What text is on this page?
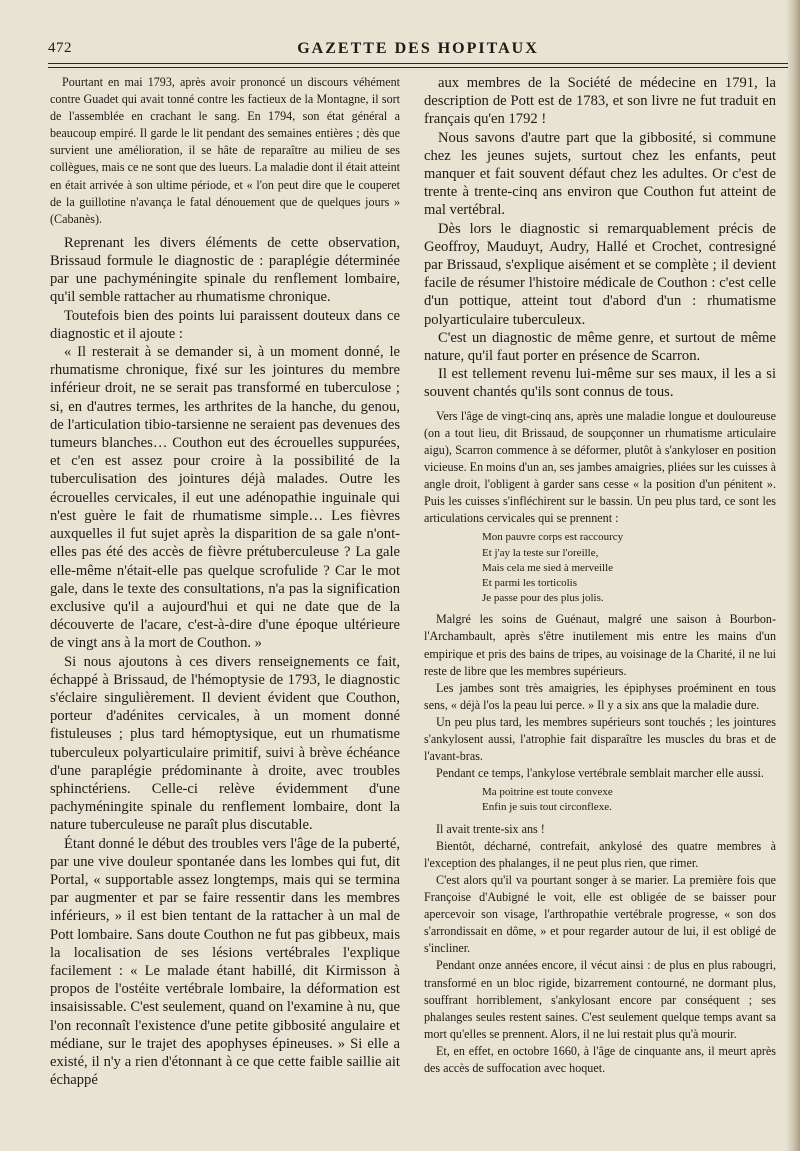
472	GAZETTE DES HOPITAUX

Pourtant en mai 1793, après avoir prononcé un discours véhément contre Guadet qui avait tonné contre les factieux de la Montagne, il sort de l'assemblée en crachant le sang. En 1794, son état général a beaucoup empiré. Il garde le lit pendant des semaines entières ; dès que survient une amélioration, il se hâte de reparaître au milieu de ses collègues, mais ce ne sont que des lueurs. La maladie dont il était atteint en était arrivée à son ultime période, et « l'on peut dire que le couperet de la guillotine n'avança le fatal dénouement que de quelques jours » (Cabanès).

Reprenant les divers éléments de cette observation, Brissaud formule le diagnostic de : paraplégie déterminée par une pachyméningite spinale du renflement lombaire, qu'il semble rattacher au rhumatisme chronique.

Toutefois bien des points lui paraissent douteux dans ce diagnostic et il ajoute :

« Il resterait à se demander si, à un moment donné, le rhumatisme chronique, fixé sur les jointures du membre inférieur droit, ne se serait pas transformé en tuberculose ; si, en d'autres termes, les arthrites de la hanche, du genou, de l'articulation tibio-tarsienne ne seraient pas devenues des tumeurs blanches… Couthon eut des écrouelles suppurées, et c'en est assez pour croire à la possibilité de la tuberculisation des jointures déjà malades. Outre les écrouelles cervicales, il eut une adénopathie inguinale qui n'est guère le fait de rhumatisme simple… Les fièvres auxquelles il fut sujet après la disparition de sa gale n'ont-elles pas été des accès de fièvre prétuberculeuse ? La gale elle-même n'était-elle pas quelque scrofulide ? Car le mot gale, dans le texte des consultations, n'a pas la signification exclusive qu'il a aujourd'hui et qui ne date que de la découverte de l'acare, c'est-à-dire d'une époque ultérieure de vingt ans à la mort de Couthon. »

Si nous ajoutons à ces divers renseignements ce fait, échappé à Brissaud, de l'hémoptysie de 1793, le diagnostic s'éclaire singulièrement. Il devient évident que Couthon, porteur d'adénites cervicales, à un moment donné fistuleuses ; plus tard hémoptysique, eut un rhumatisme tuberculeux polyarticulaire primitif, suivi à brève échéance d'une paraplégie prédominante à droite, avec troubles sphinctériens. Celle-ci relève évidemment d'une pachyméningite spinale du renflement lombaire, dont la nature tuberculeuse ne paraît plus discutable.

Étant donné le début des troubles vers l'âge de la puberté, par une vive douleur spontanée dans les lombes qui fut, dit Portal, « supportable assez longtemps, mais qui se termina par augmenter et par se faire ressentir dans les membres inférieurs, » il est bien tentant de la rattacher à un mal de Pott lombaire. Sans doute Couthon ne fut pas gibbeux, mais la localisation de ses lésions vertébrales l'explique facilement : « Le malade étant habillé, dit Kirmisson à propos de l'ostéite vertébrale lombaire, la déformation est insaisissable. C'est seulement, quand on l'examine à nu, que l'on reconnaît l'existence d'une petite gibbosité angulaire et médiane, sur le trajet des apophyses épineuses. » Si elle a existé, il n'y a rien d'étonnant à ce que cette faible saillie ait échappé

aux membres de la Société de médecine en 1791, la description de Pott est de 1783, et son livre ne fut traduit en français qu'en 1792 !

Nous savons d'autre part que la gibbosité, si commune chez les jeunes sujets, surtout chez les enfants, peut manquer et fait souvent défaut chez les adultes. Or c'est de trente à trente-cinq ans environ que Couthon fut atteint de mal vertébral.

Dès lors le diagnostic si remarquablement précis de Geoffroy, Mauduyt, Audry, Hallé et Crochet, contresigné par Brissaud, s'explique aisément et se complète ; il devient facile de résumer l'histoire médicale de Couthon : c'est celle d'un pottique, atteint tout d'abord d'un : rhumatisme polyarticulaire tuberculeux.

C'est un diagnostic de même genre, et surtout de même nature, qu'il faut porter en présence de Scarron.

Il est tellement revenu lui-même sur ses maux, il les a si souvent chantés qu'ils sont connus de tous.

Vers l'âge de vingt-cinq ans, après une maladie longue et douloureuse (on a tout lieu, dit Brissaud, de soupçonner un rhumatisme articulaire aigu), Scarron commence à se déformer, plutôt à s'ankyloser en position vicieuse. En moins d'un an, ses jambes amaigries, pliées sur les cuisses à angle droit, l'obligent à garder sans cesse « la position d'un pénitent ». Puis les cuisses s'infléchirent sur le bassin. Un peu plus tard, ce sont les articulations cervicales qui se prennent :

Mon pauvre corps est raccourcy
Et j'ay la teste sur l'oreille,
Mais cela me sied à merveille
Et parmi les torticolis
Je passe pour des plus jolis.

Malgré les soins de Guénaut, malgré une saison à Bourbon-l'Archambault, après s'être inutilement mis entre les mains d'un empirique et pris des bains de tripes, au voisinage de la Charité, il ne lui reste de libre que les membres supérieurs.

Les jambes sont très amaigries, les épiphyses proéminent en tous sens, « déjà l'os la peau lui perce. » Il y a six ans que la maladie dure.

Un peu plus tard, les membres supérieurs sont touchés ; les jointures s'ankylosent aussi, l'atrophie fait disparaître les muscles du bras et de l'avant-bras.

Pendant ce temps, l'ankylose vertébrale semblait marcher elle aussi.

Ma poitrine est toute convexe
Enfin je suis tout circonflexe.

Il avait trente-six ans !

Bientôt, décharné, contrefait, ankylosé des quatre membres à l'exception des phalanges, il ne peut plus rien, que rimer.

C'est alors qu'il va pourtant songer à se marier. La première fois que Françoise d'Aubigné le voit, elle est obligée de se baisser pour apercevoir son visage, l'arthropathie vertébrale progresse, « son dos s'arrondissait en dôme, » et pour regarder autour de lui, il est obligé de s'incliner.

Pendant onze années encore, il vécut ainsi : de plus en plus rabougri, transformé en un bloc rigide, bizarrement contourné, ne dormant plus, souffrant horriblement, s'ankylosant encore par conséquent ; ses phalanges seules restent saines. C'est seulement quelque temps avant sa mort qu'elles se prennent. Alors, il ne lui restait plus qu'à mourir.

Et, en effet, en octobre 1660, à l'âge de cinquante ans, il meurt après des accès de suffocation avec hoquet.
